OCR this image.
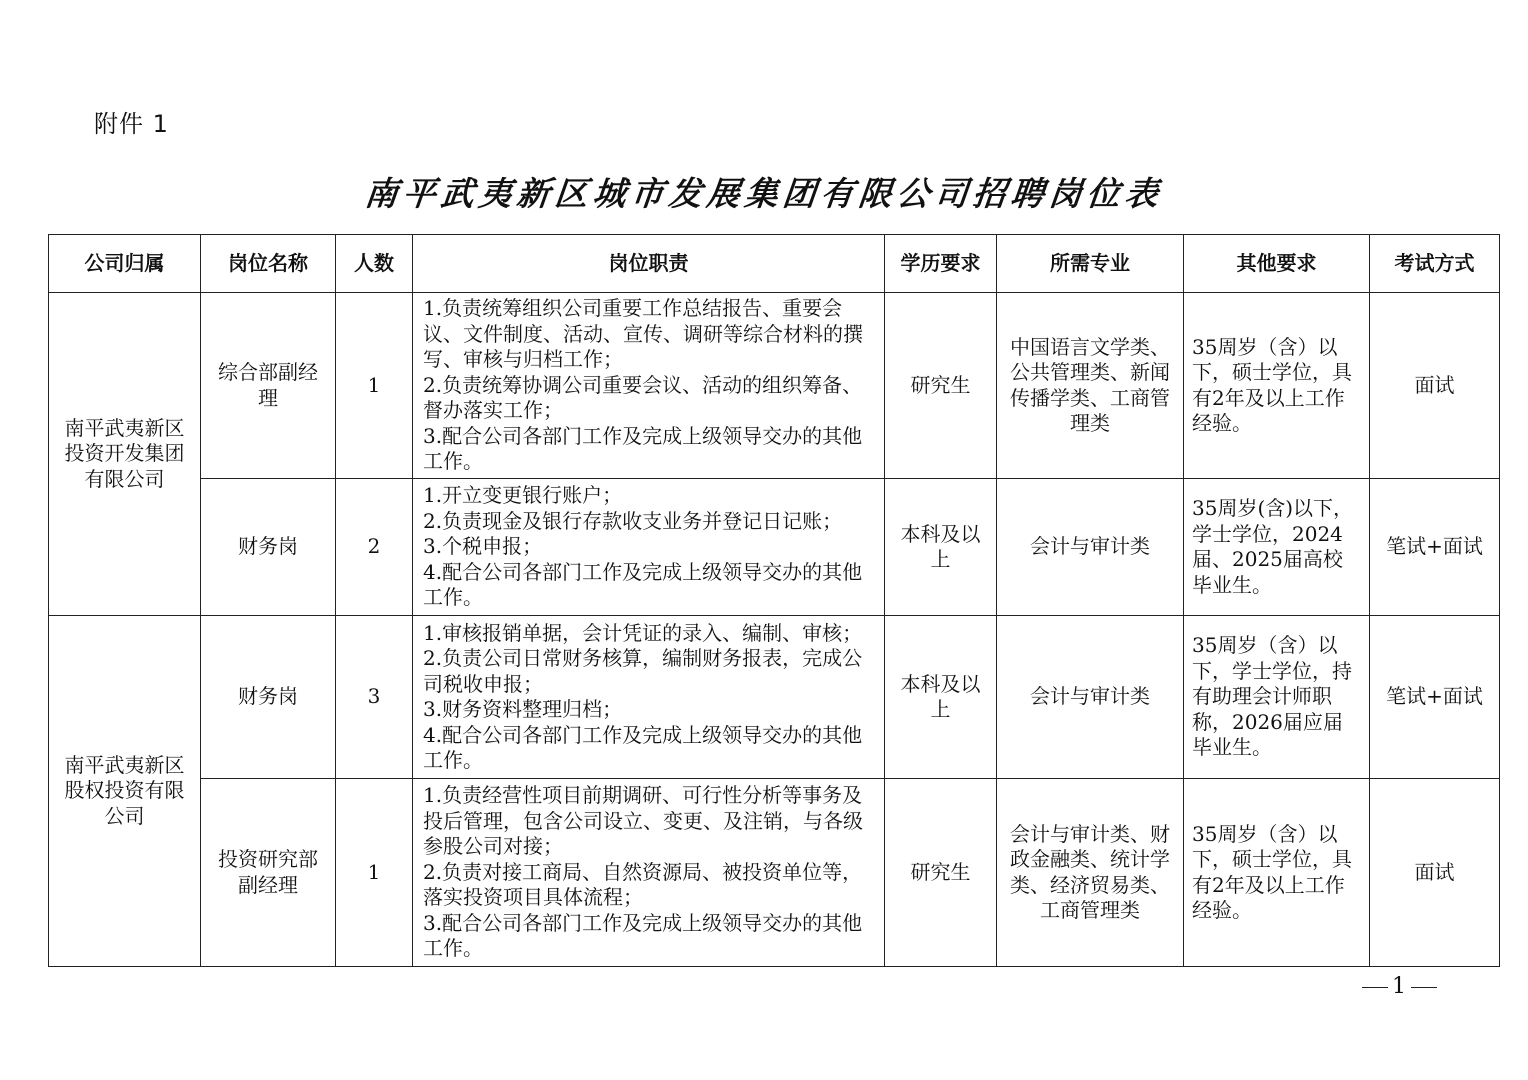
附件 1
南平武夷新区城市发展集团有限公司招聘岗位表
公司归属	岗位名称	人数	岗位职责	学历要求	所需专业	其他要求	考试方式
南平武夷新区投资开发集团有限公司	综合部副经理	1	1.负责统筹组织公司重要工作总结报告、重要会议、文件制度、活动、宣传、调研等综合材料的撰写、审核与归档工作；
2.负责统筹协调公司重要会议、活动的组织筹备、督办落实工作；
3.配合公司各部门工作及完成上级领导交办的其他工作。	研究生	中国语言文学类、公共管理类、新闻传播学类、工商管理类	35周岁（含）以下，硕士学位，具有2年及以上工作经验。	面试
	财务岗	2	1.开立变更银行账户；
2.负责现金及银行存款收支业务并登记日记账；
3.个税申报；
4.配合公司各部门工作及完成上级领导交办的其他工作。	本科及以上	会计与审计类	35周岁(含)以下，学士学位，2024届、2025届高校毕业生。	笔试+面试
南平武夷新区股权投资有限公司	财务岗	3	1.审核报销单据，会计凭证的录入、编制、审核；
2.负责公司日常财务核算，编制财务报表，完成公司税收申报；
3.财务资料整理归档；
4.配合公司各部门工作及完成上级领导交办的其他工作。	本科及以上	会计与审计类	35周岁（含）以下，学士学位，持有助理会计师职称，2026届应届毕业生。	笔试+面试
	投资研究部副经理	1	1.负责经营性项目前期调研、可行性分析等事务及投后管理，包含公司设立、变更、及注销，与各级参股公司对接；
2.负责对接工商局、自然资源局、被投资单位等，落实投资项目具体流程；
3.配合公司各部门工作及完成上级领导交办的其他工作。	研究生	会计与审计类、财政金融类、统计学类、经济贸易类、工商管理类	35周岁（含）以下，硕士学位，具有2年及以上工作经验。	面试
1
